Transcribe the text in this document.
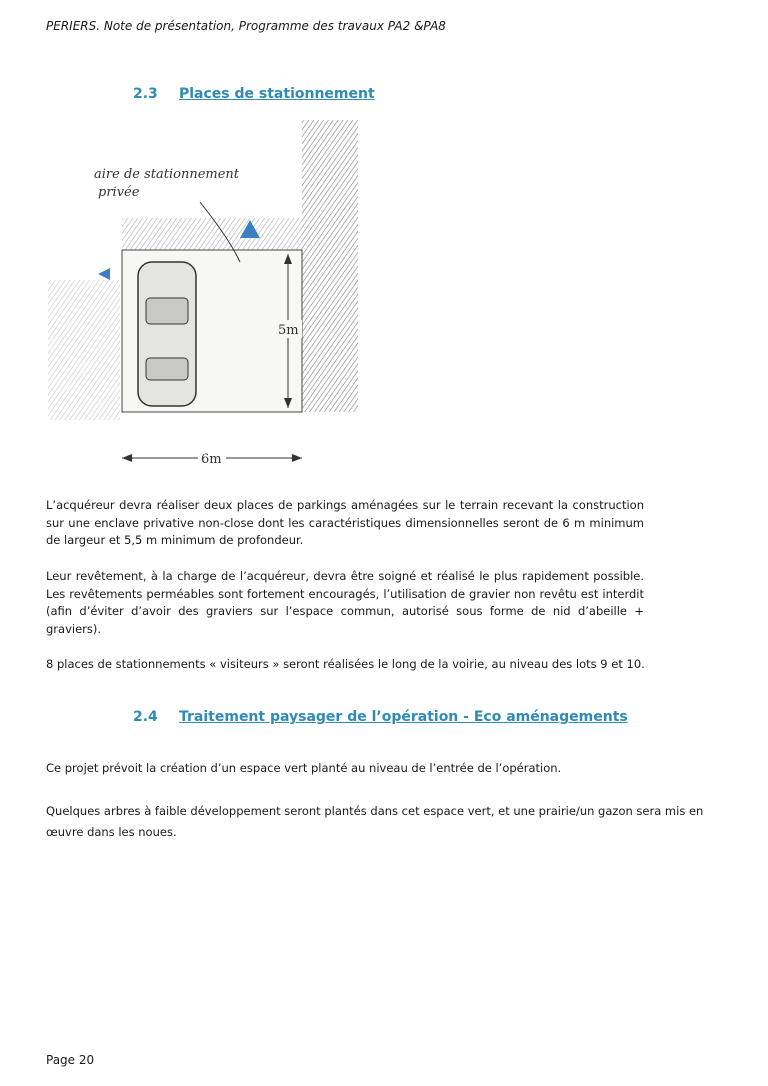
PERIERS. Note de présentation, Programme des travaux PA2 &PA8
2.3 Places de stationnement
aire de stationnement
privée
5m
6m
L’acquéreur devra réaliser deux places de parkings aménagées sur le terrain recevant la construction sur une enclave privative non-close dont les caractéristiques dimensionnelles seront de 6 m minimum de largeur et 5,5 m minimum de profondeur.
Leur revêtement, à la charge de l’acquéreur, devra être soigné et réalisé le plus rapidement possible. Les revêtements perméables sont fortement encouragés, l’utilisation de gravier non revêtu est interdit (afin d’éviter d’avoir des graviers sur l’espace commun, autorisé sous forme de nid d’abeille + graviers).
8 places de stationnements « visiteurs » seront réalisées le long de la voirie, au niveau des lots 9 et 10.
2.4 Traitement paysager de l’opération - Eco aménagements
Ce projet prévoit la création d’un espace vert planté au niveau de l’entrée de l’opération.
Quelques arbres à faible développement seront plantés dans cet espace vert, et une prairie/un gazon sera mis en œuvre dans les noues.
Page 20
